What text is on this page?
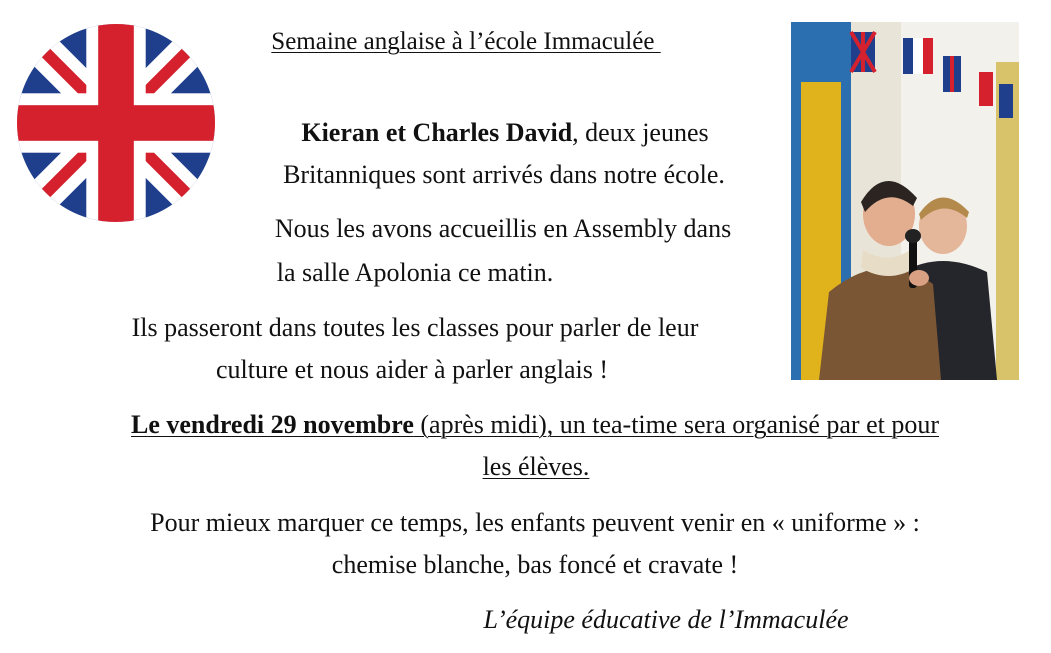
Semaine anglaise à l’école Immaculée
Kieran et Charles David, deux jeunes
Britanniques sont arrivés dans notre école.
Nous les avons accueillis en Assembly dans
la salle Apolonia ce matin.
Ils passeront dans toutes les classes pour parler de leur
culture et nous aider à parler anglais !
Le vendredi 29 novembre (après midi), un tea-time sera organisé par et pour
les élèves.
Pour mieux marquer ce temps, les enfants peuvent venir en « uniforme » :
chemise blanche, bas foncé et cravate !
L’équipe éducative de l’Immaculée
